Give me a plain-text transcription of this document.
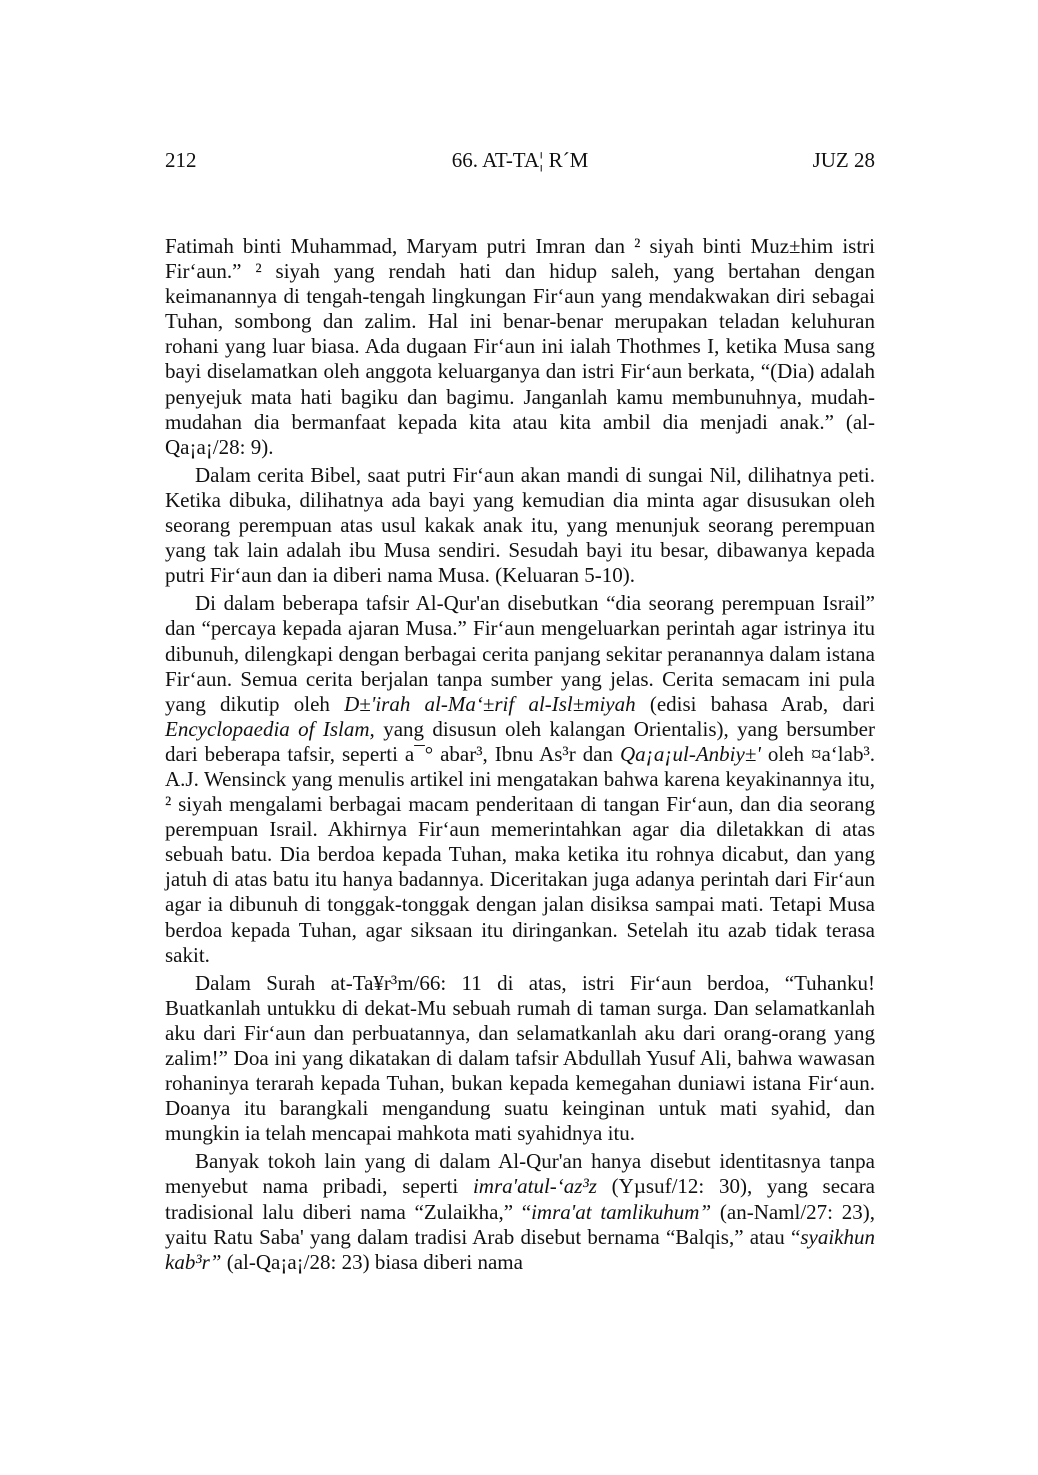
212	66. AT-TA¦ R´M	JUZ 28

Fatimah binti Muhammad, Maryam putri Imran dan ² siyah binti Muz±him istri Fir‘aun.” ² siyah yang rendah hati dan hidup saleh, yang bertahan dengan keimanannya di tengah-tengah lingkungan Fir‘aun yang mendakwakan diri sebagai Tuhan, sombong dan zalim. Hal ini benar-benar merupakan teladan keluhuran rohani yang luar biasa. Ada dugaan Fir‘aun ini ialah Thothmes I, ketika Musa sang bayi diselamatkan oleh anggota keluarganya dan istri Fir‘aun berkata, “(Dia) adalah penyejuk mata hati bagiku dan bagimu. Janganlah kamu membunuhnya, mudah-mudahan dia bermanfaat kepada kita atau kita ambil dia menjadi anak.” (al-Qa¡a¡/28: 9).

Dalam cerita Bibel, saat putri Fir‘aun akan mandi di sungai Nil, dilihatnya peti. Ketika dibuka, dilihatnya ada bayi yang kemudian dia minta agar disusukan oleh seorang perempuan atas usul kakak anak itu, yang menunjuk seorang perempuan yang tak lain adalah ibu Musa sendiri. Sesudah bayi itu besar, dibawanya kepada putri Fir‘aun dan ia diberi nama Musa. (Keluaran 5-10).

Di dalam beberapa tafsir Al-Qur'an disebutkan “dia seorang perempuan Israil” dan “percaya kepada ajaran Musa.” Fir‘aun mengeluarkan perintah agar istrinya itu dibunuh, dilengkapi dengan berbagai cerita panjang sekitar peranannya dalam istana Fir‘aun. Semua cerita berjalan tanpa sumber yang jelas. Cerita semacam ini pula yang dikutip oleh D±'irah al-Ma‘±rif al-Isl±miyah (edisi bahasa Arab, dari Encyclopaedia of Islam, yang disusun oleh kalangan Orientalis), yang bersumber dari beberapa tafsir, seperti a¯° abar³, Ibnu As³r dan Qa¡a¡ul-Anbiy±' oleh ¤a‘lab³. A.J. Wensinck yang menulis artikel ini mengatakan bahwa karena keyakinannya itu, ² siyah mengalami berbagai macam penderitaan di tangan Fir‘aun, dan dia seorang perempuan Israil. Akhirnya Fir‘aun memerintahkan agar dia diletakkan di atas sebuah batu. Dia berdoa kepada Tuhan, maka ketika itu rohnya dicabut, dan yang jatuh di atas batu itu hanya badannya. Diceritakan juga adanya perintah dari Fir‘aun agar ia dibunuh di tonggak-tonggak dengan jalan disiksa sampai mati. Tetapi Musa berdoa kepada Tuhan, agar siksaan itu diringankan. Setelah itu azab tidak terasa sakit.

Dalam Surah at-Ta¥r³m/66: 11 di atas, istri Fir‘aun berdoa, “Tuhanku! Buatkanlah untukku di dekat-Mu sebuah rumah di taman surga. Dan selamatkanlah aku dari Fir‘aun dan perbuatannya, dan selamatkanlah aku dari orang-orang yang zalim!” Doa ini yang dikatakan di dalam tafsir Abdullah Yusuf Ali, bahwa wawasan rohaninya terarah kepada Tuhan, bukan kepada kemegahan duniawi istana Fir‘aun. Doanya itu barangkali mengandung suatu keinginan untuk mati syahid, dan mungkin ia telah mencapai mahkota mati syahidnya itu.

Banyak tokoh lain yang di dalam Al-Qur'an hanya disebut identitasnya tanpa menyebut nama pribadi, seperti imra'atul-‘az³z (Yµsuf/12: 30), yang secara tradisional lalu diberi nama “Zulaikha,” “imra'at tamlikuhum” (an-Naml/27: 23), yaitu Ratu Saba' yang dalam tradisi Arab disebut bernama “Balqis,” atau “syaikhun kab³r” (al-Qa¡a¡/28: 23) biasa diberi nama
